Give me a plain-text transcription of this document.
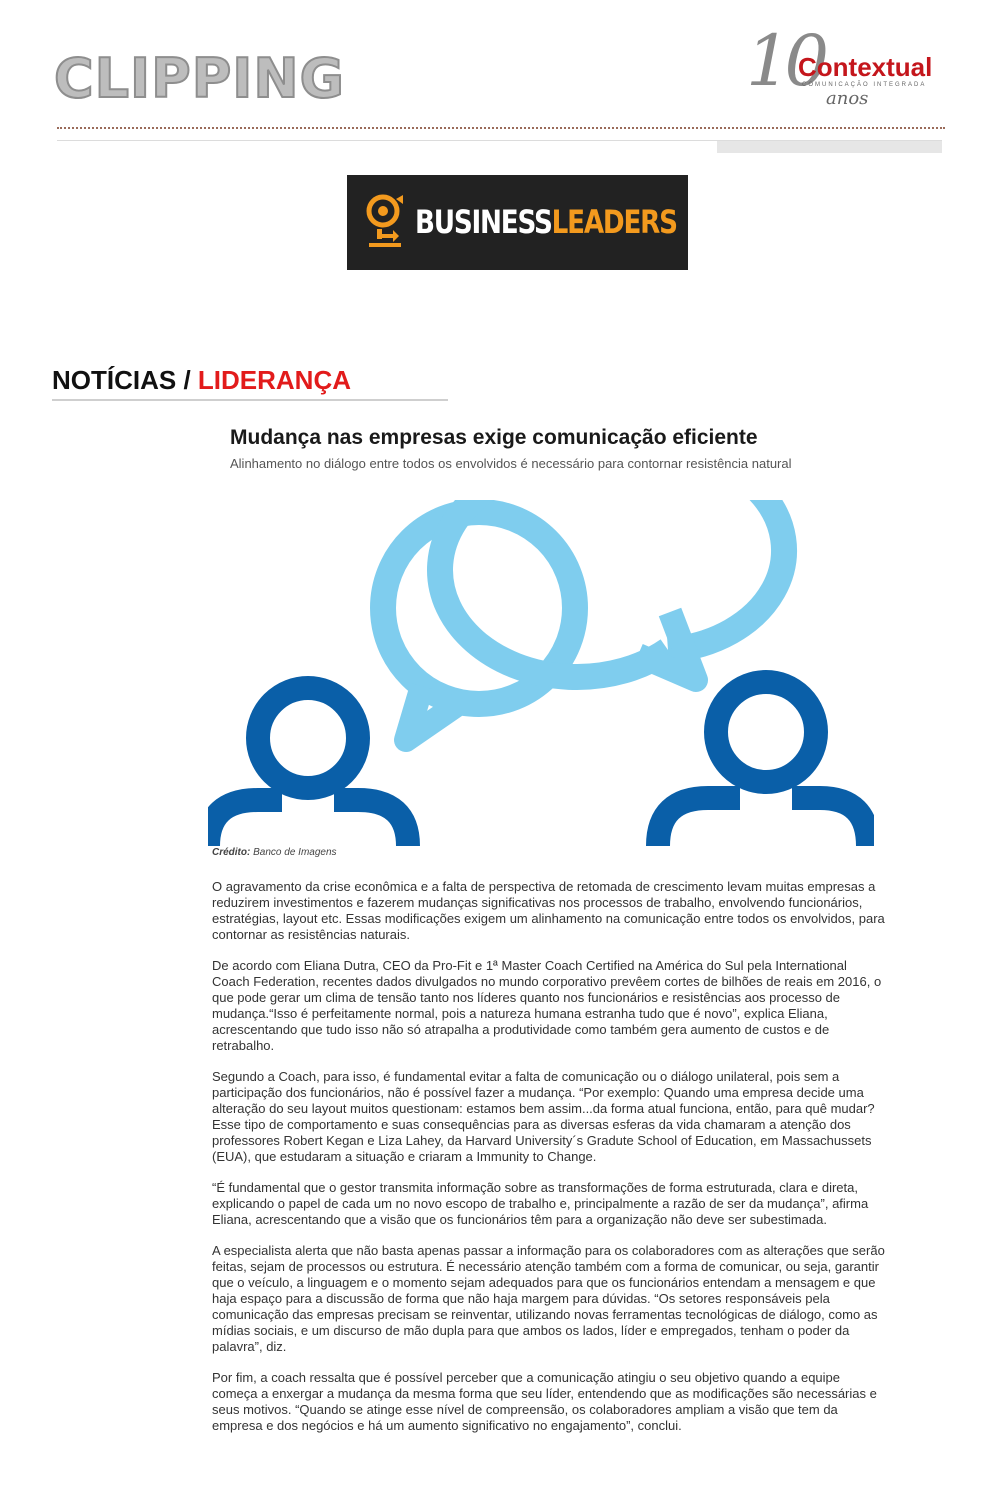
CLIPPING	10
Contextual
COMUNICAÇÃO INTEGRADA
anos
BUSINESSLEADERS
NOTÍCIAS / LIDERANÇA
Mudança nas empresas exige comunicação eficiente
Alinhamento no diálogo entre todos os envolvidos é necessário para contornar resistência natural
Crédito: Banco de Imagens

O agravamento da crise econômica e a falta de perspectiva de retomada de crescimento levam muitas empresas a reduzirem investimentos e fazerem mudanças significativas nos processos de trabalho, envolvendo funcionários, estratégias, layout etc. Essas modificações exigem um alinhamento na comunicação entre todos os envolvidos, para contornar as resistências naturais.

De acordo com Eliana Dutra, CEO da Pro-Fit e 1ª Master Coach Certified na América do Sul pela International Coach Federation, recentes dados divulgados no mundo corporativo prevêem cortes de bilhões de reais em 2016, o que pode gerar um clima de tensão tanto nos líderes quanto nos funcionários e resistências aos processo de mudança.“Isso é perfeitamente normal, pois a natureza humana estranha tudo que é novo”, explica Eliana, acrescentando que tudo isso não só atrapalha a produtividade como também gera aumento de custos e de retrabalho.

Segundo a Coach, para isso, é fundamental evitar a falta de comunicação ou o diálogo unilateral, pois sem a participação dos funcionários, não é possível fazer a mudança. “Por exemplo: Quando uma empresa decide uma alteração do seu layout muitos questionam: estamos bem assim...da forma atual funciona, então, para quê mudar? Esse tipo de comportamento e suas consequências para as diversas esferas da vida chamaram a atenção dos professores Robert Kegan e Liza Lahey, da Harvard University´s Gradute School of Education, em Massachussets (EUA), que estudaram a situação e criaram a Immunity to Change.

“É fundamental que o gestor transmita informação sobre as transformações de forma estruturada, clara e direta, explicando o papel de cada um no novo escopo de trabalho e, principalmente a razão de ser da mudança”, afirma Eliana, acrescentando que a visão que os funcionários têm para a organização não deve ser subestimada.

A especialista alerta que não basta apenas passar a informação para os colaboradores com as alterações que serão feitas, sejam de processos ou estrutura. É necessário atenção também com a forma de comunicar, ou seja, garantir que o veículo, a linguagem e o momento sejam adequados para que os funcionários entendam a mensagem e que haja espaço para a discussão de forma que não haja margem para dúvidas. “Os setores responsáveis pela comunicação das empresas precisam se reinventar, utilizando novas ferramentas tecnológicas de diálogo, como as mídias sociais, e um discurso de mão dupla para que ambos os lados, líder e empregados, tenham o poder da palavra”, diz.

Por fim, a coach ressalta que é possível perceber que a comunicação atingiu o seu objetivo quando a equipe começa a enxergar a mudança da mesma forma que seu líder, entendendo que as modificações são necessárias e seus motivos. “Quando se atinge esse nível de compreensão, os colaboradores ampliam a visão que tem da empresa e dos negócios e há um aumento significativo no engajamento”, conclui.
